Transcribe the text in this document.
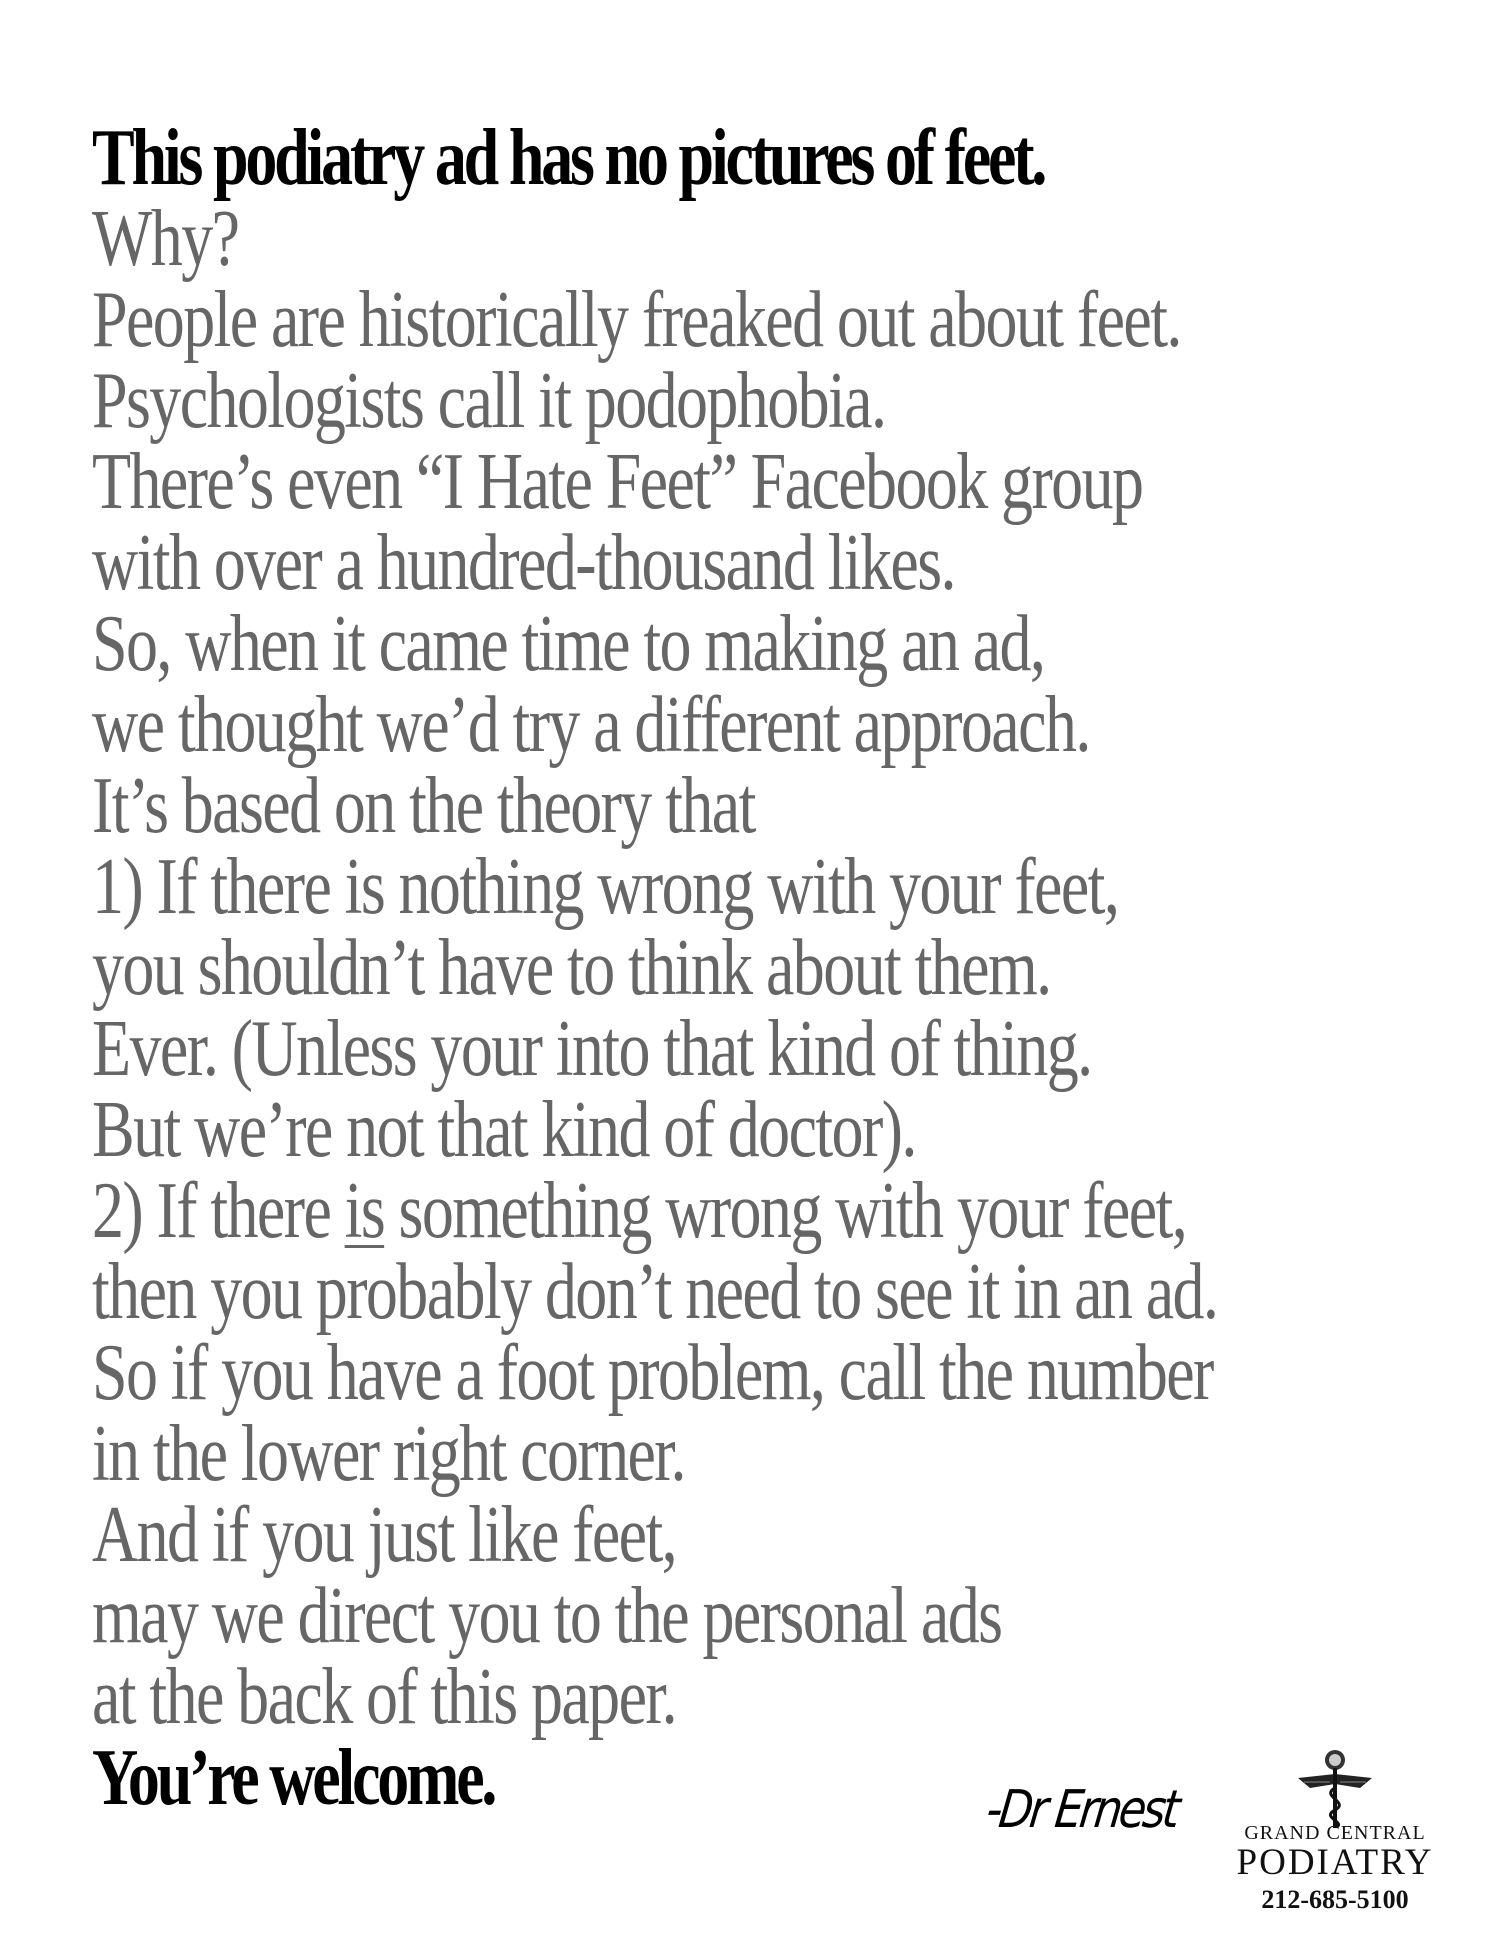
This podiatry ad has no pictures of feet.
Why?
People are historically freaked out about feet.
Psychologists call it podophobia.
There’s even “I Hate Feet” Facebook group
with over a hundred-thousand likes.
So, when it came time to making an ad,
we thought we’d try a different approach.
It’s based on the theory that
1) If there is nothing wrong with your feet,
you shouldn’t have to think about them.
Ever. (Unless your into that kind of thing.
But we’re not that kind of doctor).
2) If there is something wrong with your feet,
then you probably don’t need to see it in an ad.
So if you have a foot problem, call the number
in the lower right corner.
And if you just like feet,
may we direct you to the personal ads
at the back of this paper.
You’re welcome.	-Dr Ernest	GRAND CENTRAL
PODIATRY
212-685-5100
